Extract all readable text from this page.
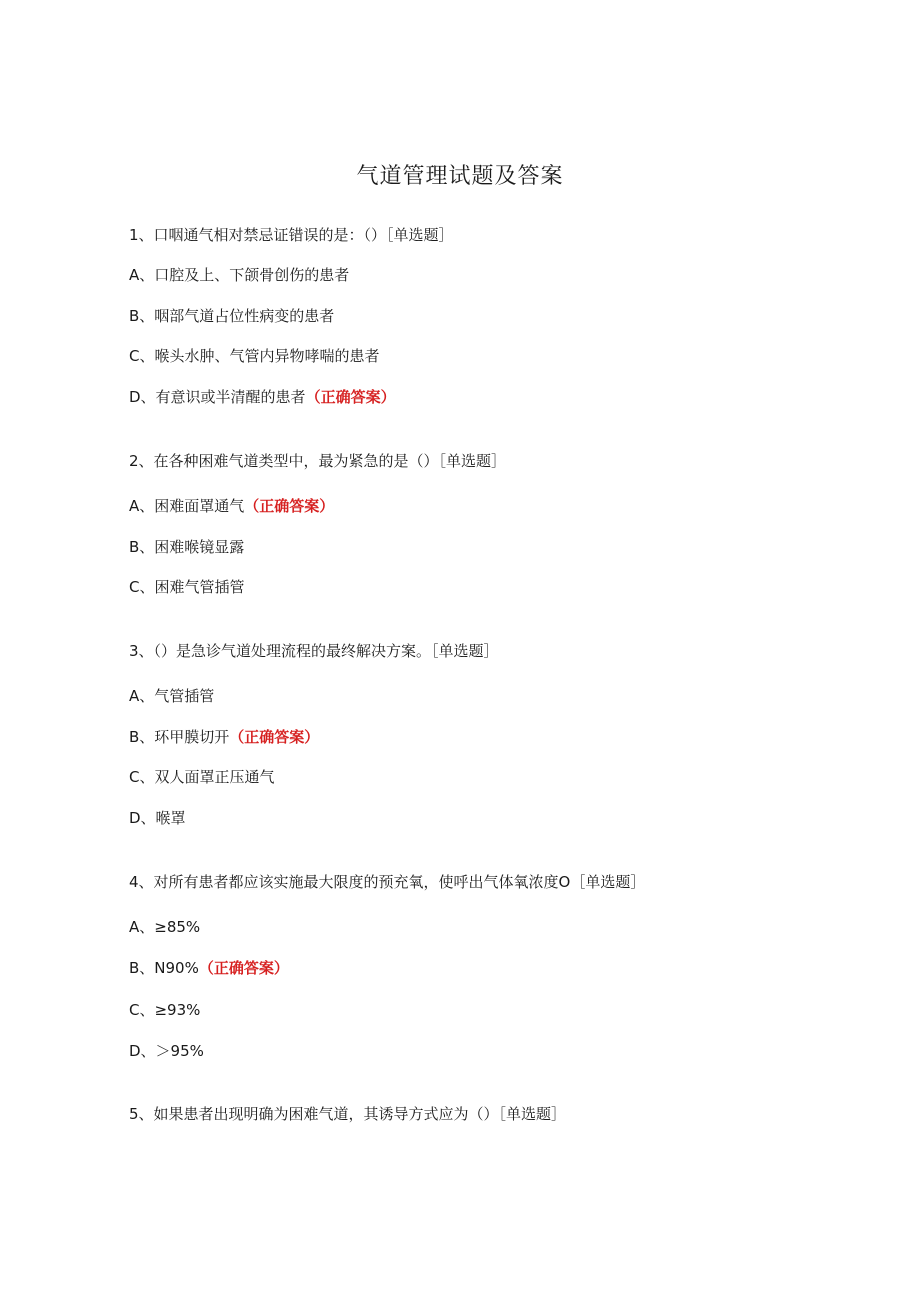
气道管理试题及答案
1、口咽通气相对禁忌证错误的是：（）［单选题］
A、口腔及上、下颌骨创伤的患者
B、咽部气道占位性病变的患者
C、喉头水肿、气管内异物哮喘的患者
D、有意识或半清醒的患者（正确答案）
2、在各种困难气道类型中，最为紧急的是（）［单选题］
A、困难面罩通气（正确答案）
B、困难喉镜显露
C、困难气管插管
3、（）是急诊气道处理流程的最终解决方案。［单选题］
A、气管插管
B、环甲膜切开（正确答案）
C、双人面罩正压通气
D、喉罩
4、对所有患者都应该实施最大限度的预充氧，使呼出气体氧浓度O［单选题］
A、≥85%
B、N90%（正确答案）
C、≥93%
D、＞95%
5、如果患者出现明确为困难气道，其诱导方式应为（）［单选题］
